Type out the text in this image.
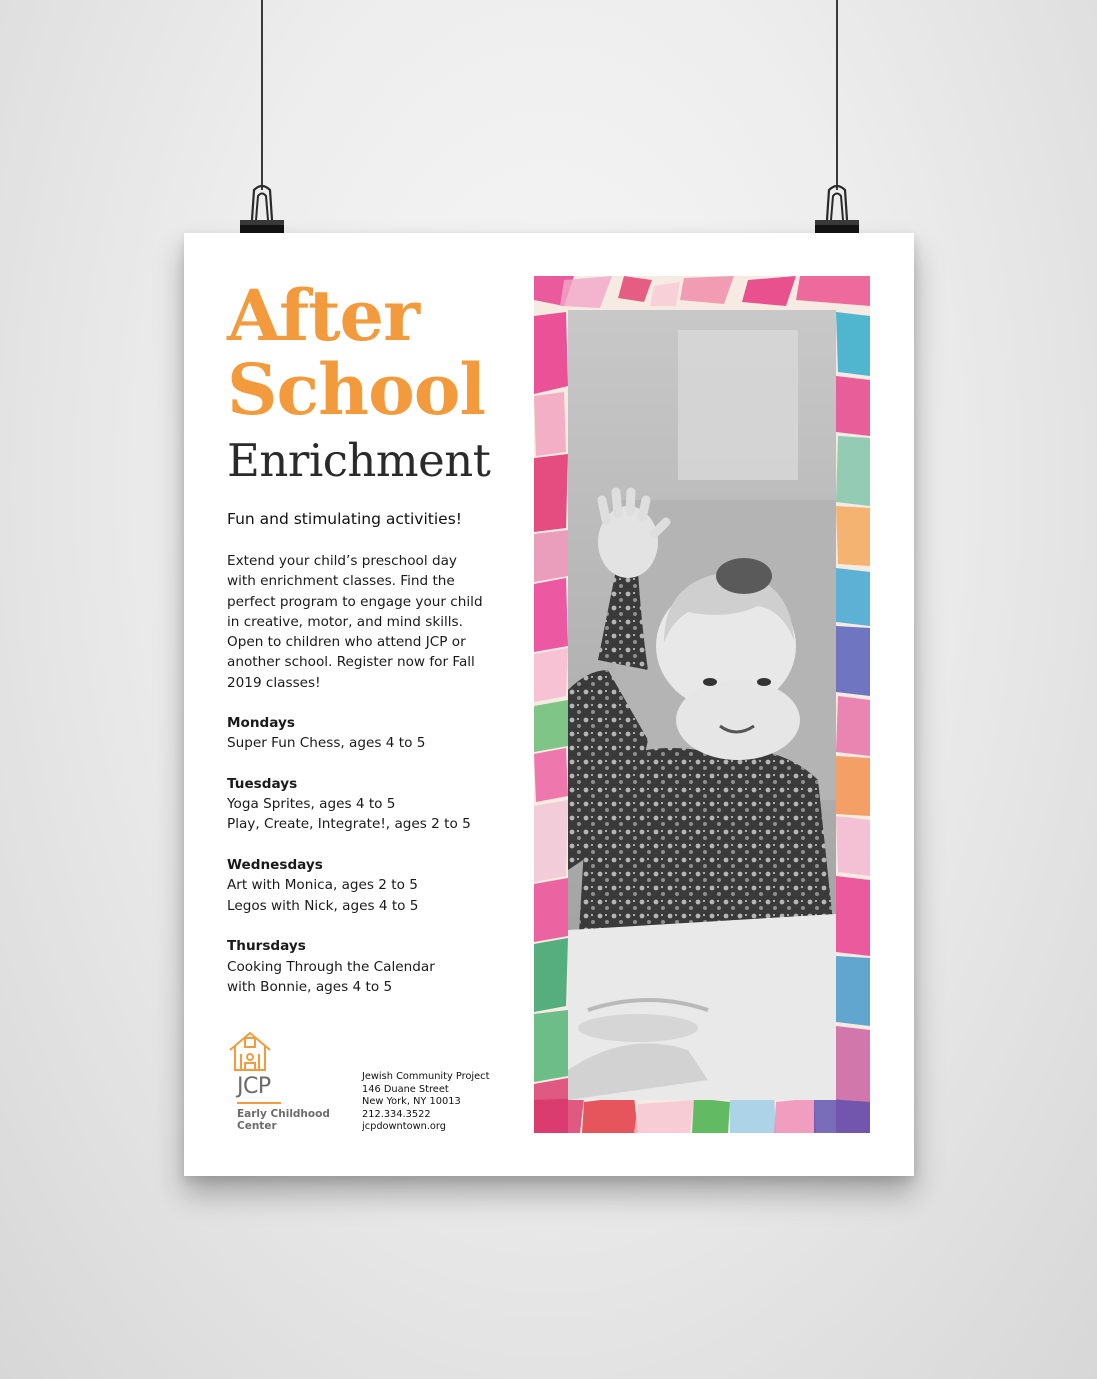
After
School
Enrichment

Fun and stimulating activities!

Extend your child’s preschool day with enrichment classes. Find the perfect program to engage your child in creative, motor, and mind skills. Open to children who attend JCP or another school. Register now for Fall 2019 classes!

Mondays
Super Fun Chess, ages 4 to 5
Tuesdays
Yoga Sprites, ages 4 to 5
Play, Create, Integrate!, ages 2 to 5
Wednesdays
Art with Monica, ages 2 to 5
Legos with Nick, ages 4 to 5
Thursdays
Cooking Through the Calendar
with Bonnie, ages 4 to 5
JCP
Early Childhood
Center
Jewish Community Project
146 Duane Street
New York, NY 10013
212.334.3522
jcpdowntown.org
